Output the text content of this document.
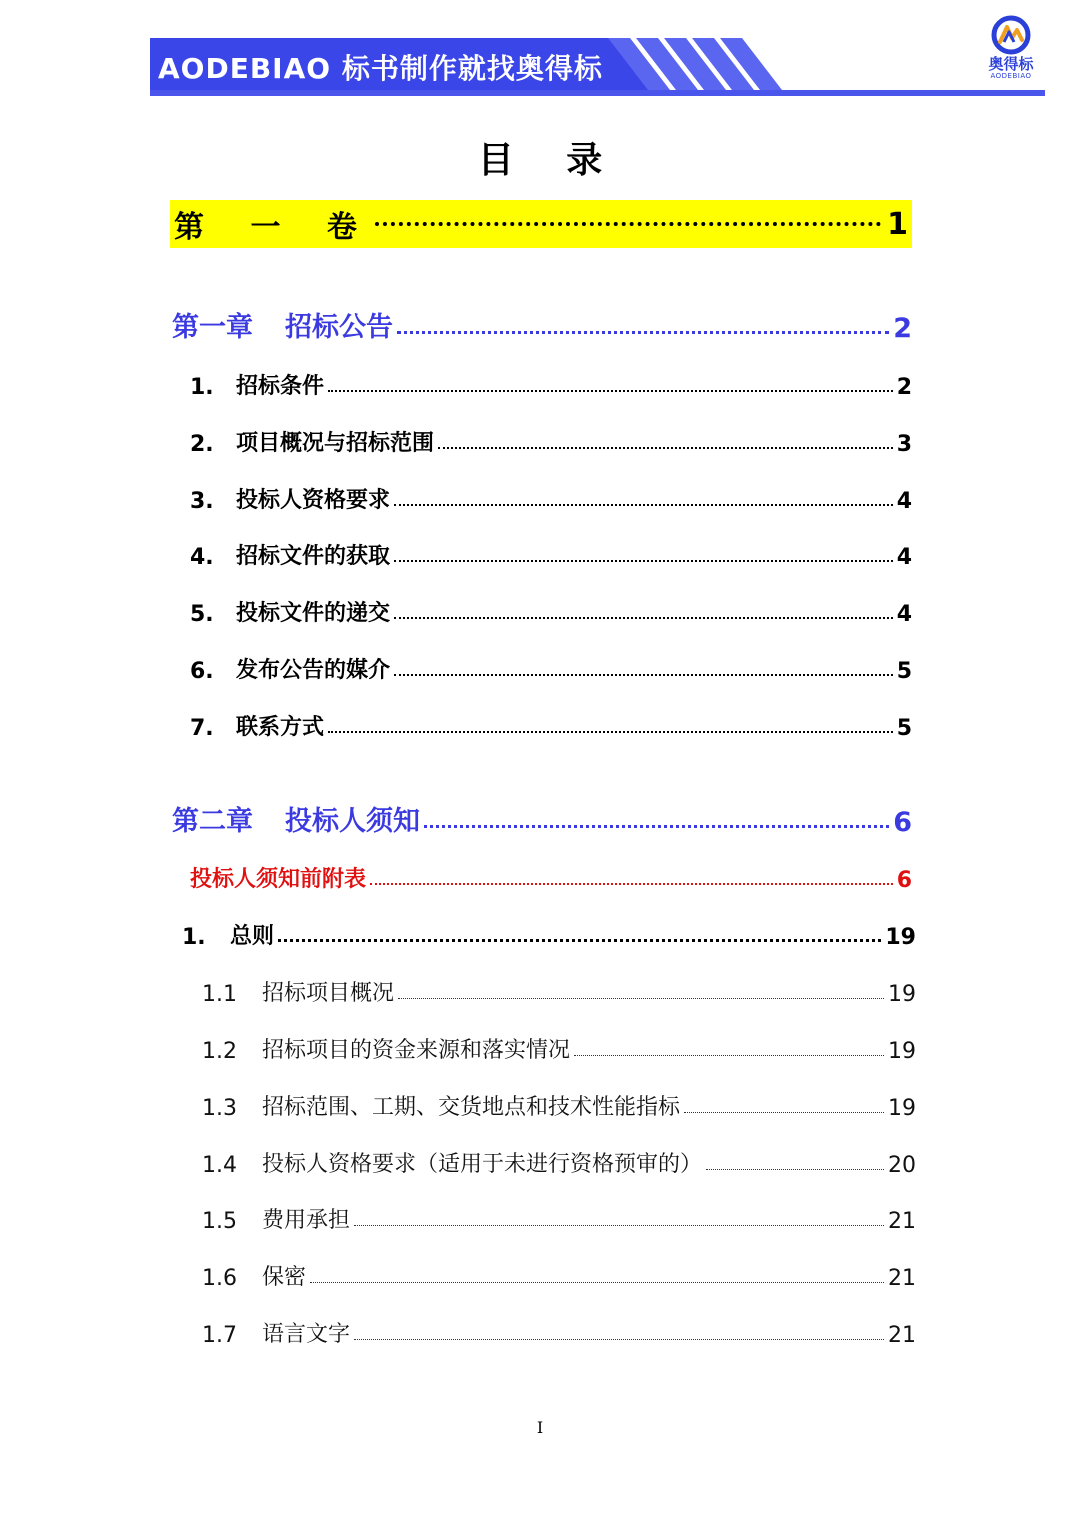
AODEBIAO 标书制作就找奥得标	奥得标
AODEBIAO
目 录
第 一 卷	1
第一章 招标公告	2
1.	招标条件	2
2.	项目概况与招标范围	3
3.	投标人资格要求	4
4.	招标文件的获取	4
5.	投标文件的递交	4
6.	发布公告的媒介	5
7.	联系方式	5
第二章 投标人须知	6
投标人须知前附表	6
1.	总则	19
1.1	招标项目概况	19
1.2	招标项目的资金来源和落实情况	19
1.3	招标范围、工期、交货地点和技术性能指标	19
1.4	投标人资格要求（适用于未进行资格预审的）	20
1.5	费用承担	21
1.6	保密	21
1.7	语言文字	21
I
